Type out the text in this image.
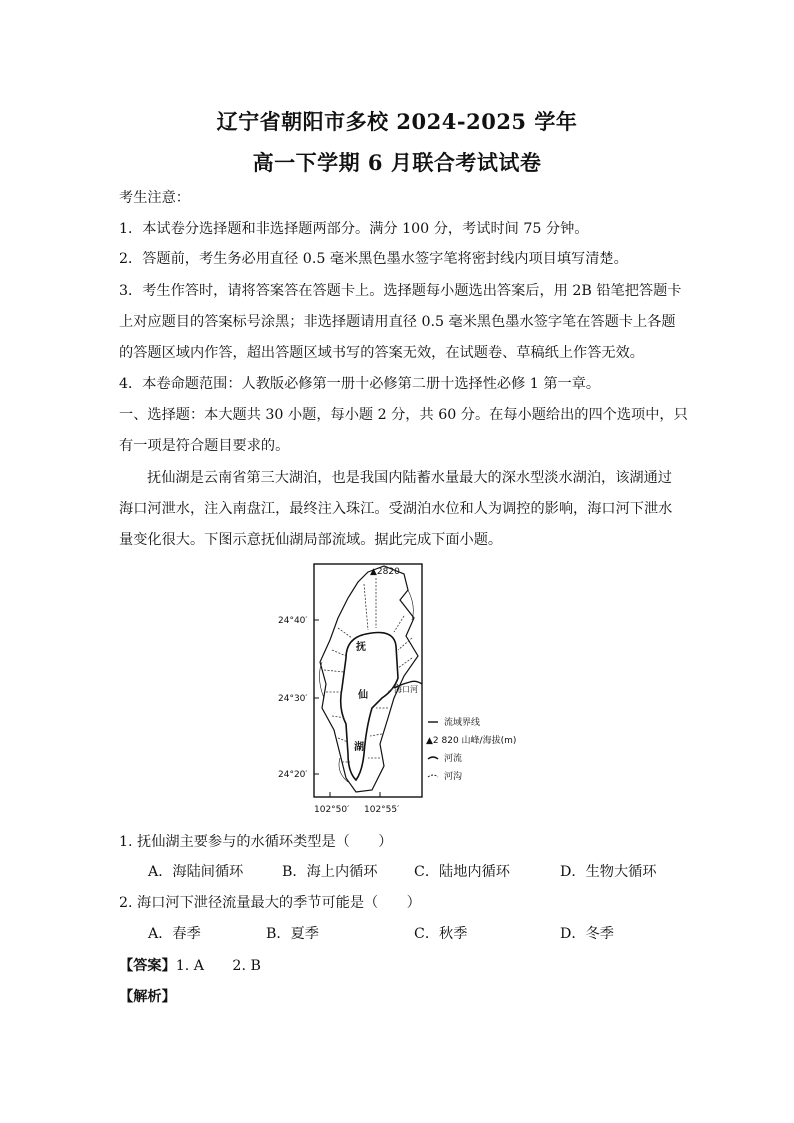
辽宁省朝阳市多校 2024-2025 学年
高一下学期 6 月联合考试试卷
考生注意：
1．本试卷分选择题和非选择题两部分。满分 100 分，考试时间 75 分钟。
2．答题前，考生务必用直径 0.5 毫米黑色墨水签字笔将密封线内项目填写清楚。
3．考生作答时，请将答案答在答题卡上。选择题每小题选出答案后，用 2B 铅笔把答题卡
上对应题目的答案标号涂黑；非选择题请用直径 0.5 毫米黑色墨水签字笔在答题卡上各题
的答题区域内作答，超出答题区域书写的答案无效，在试题卷、草稿纸上作答无效。
4．本卷命题范围：人教版必修第一册十必修第二册十选择性必修 1 第一章。
一、选择题：本大题共 30 小题，每小题 2 分，共 60 分。在每小题给出的四个选项中，只
有一项是符合题目要求的。
抚仙湖是云南省第三大湖泊，也是我国内陆蓄水量最大的深水型淡水湖泊，该湖通过
海口河泄水，注入南盘江，最终注入珠江。受湖泊水位和人为调控的影响，海口河下泄水
量变化很大。下图示意抚仙湖局部流域。据此完成下面小题。
▲2820
24°40′
24°30′
24°20′
102°50′ 102°55′
抚
仙
湖
海口河
流域界线
▲2 820 山峰/海拔(m)
河流
河沟
1. 抚仙湖主要参与的水循环类型是（　　）
A．海陆间循环	B．海上内循环	C．陆地内循环	D．生物大循环
2. 海口河下泄径流量最大的季节可能是（　　）
A．春季	B．夏季	C．秋季	D．冬季
【答案】1. A　　2. B
【解析】
